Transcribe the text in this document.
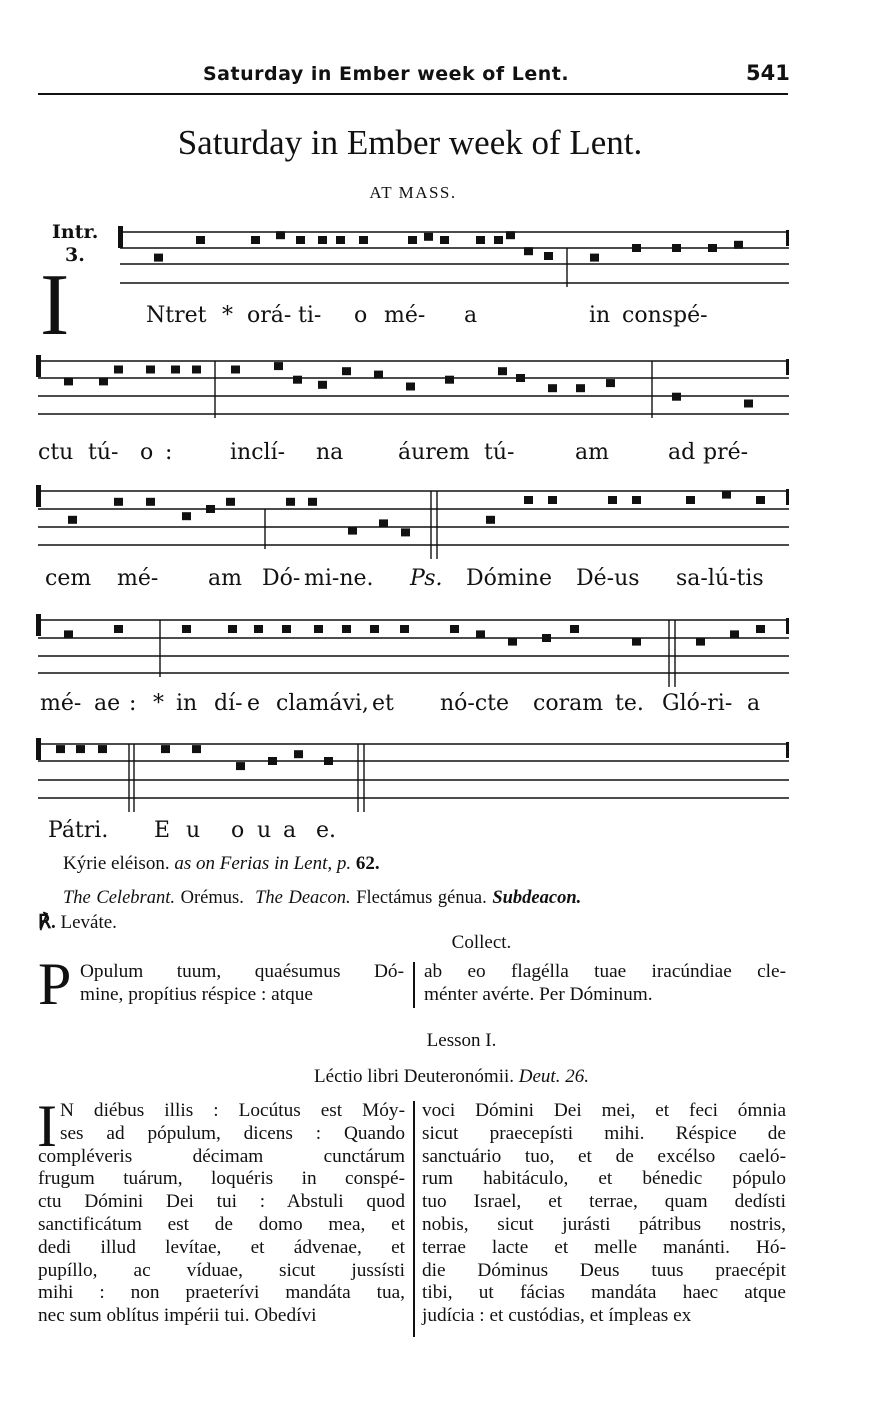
Saturday in Ember week of Lent.	541
Saturday in Ember week of Lent.
AT MASS.
Intr.
3.
I	Ntret * orá- ti- o mé- a	in conspé-
ctu tú- o :	inclí- na áurem tú-	am	ad pré-
cem mé- am Dó- mi-ne. Ps. Dómine Dé-us sa-lú-tis
mé- ae : * in dí- e clamávi, et nó-cte coram te. Gló-ri- a
Pátri. E u o u a e.
Kýrie eléison. as on Ferias in Lent, p. 62.
The Celebrant. Orémus. The Deacon. Flectámus génua. Subdeacon.
℟. Leváte.
Collect.
P Opulum tuum, quaésumus Dó-
mine, propítius réspice : atque
ab eo flagélla tuae iracúndiae cle-
ménter avérte. Per Dóminum.
Lesson I.
Léctio libri Deuteronómii. Deut. 26.
I N diébus illis : Locútus est Móy-
ses ad pópulum, dicens : Quando
compléveris décimam cunctárum
frugum tuárum, loquéris in conspé-
ctu Dómini Dei tui : Abstuli quod
sanctificátum est de domo mea, et
dedi illud levítae, et ádvenae, et
pupíllo, ac víduae, sicut jussísti
mihi : non praeterívi mandáta tua,
nec sum oblítus impérii tui. Obedívi
voci Dómini Dei mei, et feci ómnia
sicut praecepísti mihi. Réspice de
sanctuário tuo, et de excélso caeló-
rum habitáculo, et bénedic pópulo
tuo Israel, et terrae, quam dedísti
nobis, sicut jurásti pátribus nostris,
terrae lacte et melle manánti. Hó-
die Dóminus Deus tuus praecépit
tibi, ut fácias mandáta haec atque
judícia : et custódias, et ímpleas ex
